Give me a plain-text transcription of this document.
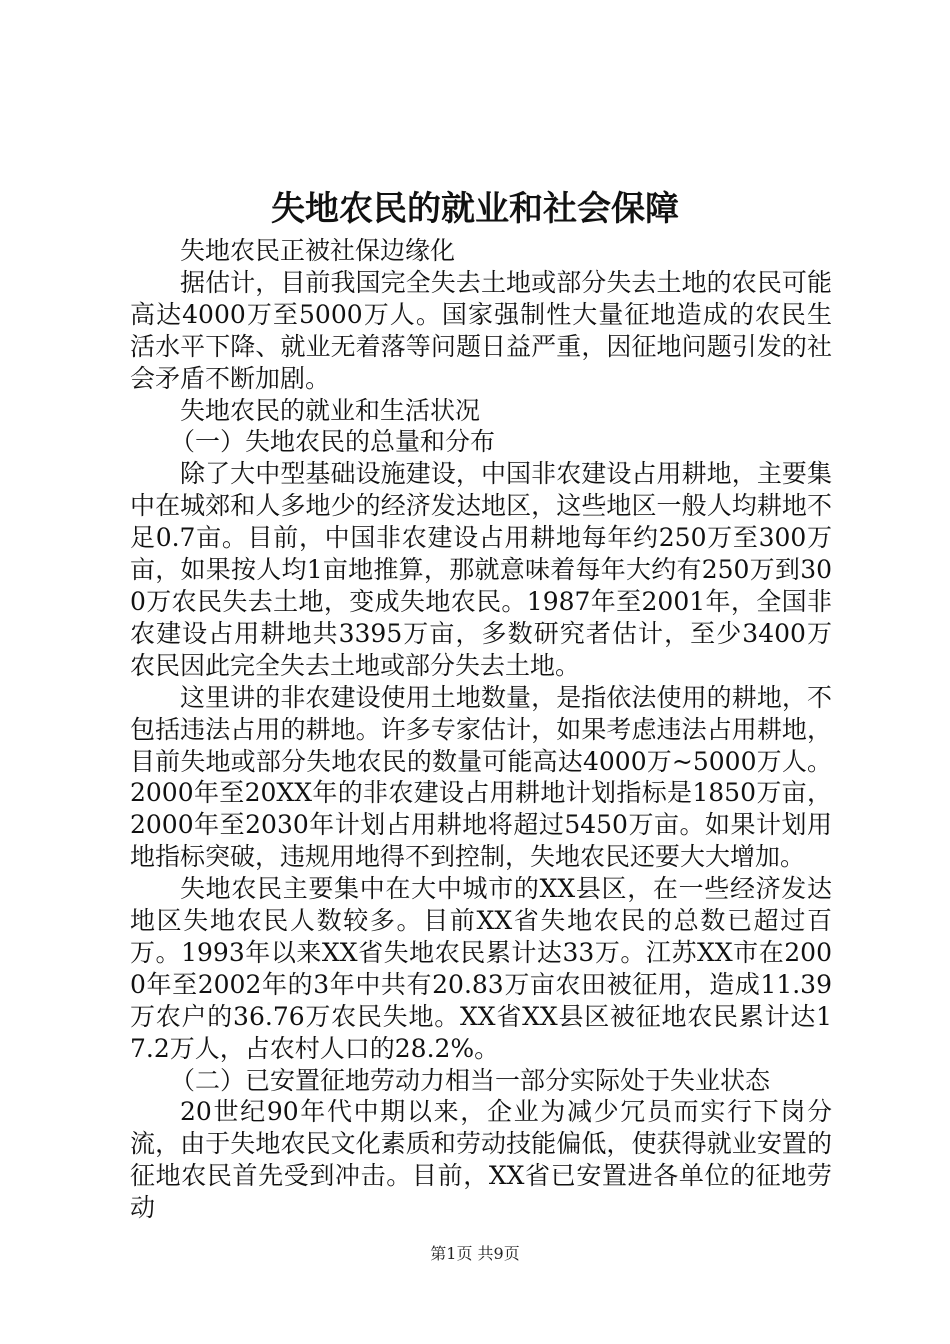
失地农民的就业和社会保障

失地农民正被社保边缘化

据估计，目前我国完全失去土地或部分失去土地的农民可能高达4000万至5000万人。国家强制性大量征地造成的农民生活水平下降、就业无着落等问题日益严重，因征地问题引发的社会矛盾不断加剧。

失地农民的就业和生活状况

（一）失地农民的总量和分布

除了大中型基础设施建设，中国非农建设占用耕地，主要集中在城郊和人多地少的经济发达地区，这些地区一般人均耕地不足0.7亩。目前，中国非农建设占用耕地每年约250万至300万亩，如果按人均1亩地推算，那就意味着每年大约有250万到300万农民失去土地，变成失地农民。1987年至2001年，全国非农建设占用耕地共3395万亩，多数研究者估计，至少3400万农民因此完全失去土地或部分失去土地。

这里讲的非农建设使用土地数量，是指依法使用的耕地，不包括违法占用的耕地。许多专家估计，如果考虑违法占用耕地，目前失地或部分失地农民的数量可能高达4000万~5000万人。2000年至20XX年的非农建设占用耕地计划指标是1850万亩，2000年至2030年计划占用耕地将超过5450万亩。如果计划用地指标突破，违规用地得不到控制，失地农民还要大大增加。

失地农民主要集中在大中城市的XX县区，在一些经济发达地区失地农民人数较多。目前XX省失地农民的总数已超过百万。1993年以来XX省失地农民累计达33万。江苏XX市在2000年至2002年的3年中共有20.83万亩农田被征用，造成11.39万农户的36.76万农民失地。XX省XX县区被征地农民累计达17.2万人，占农村人口的28.2%。

（二）已安置征地劳动力相当一部分实际处于失业状态

20世纪90年代中期以来，企业为减少冗员而实行下岗分流，由于失地农民文化素质和劳动技能偏低，使获得就业安置的征地农民首先受到冲击。目前，XX省已安置进各单位的征地劳动

第1页 共9页
